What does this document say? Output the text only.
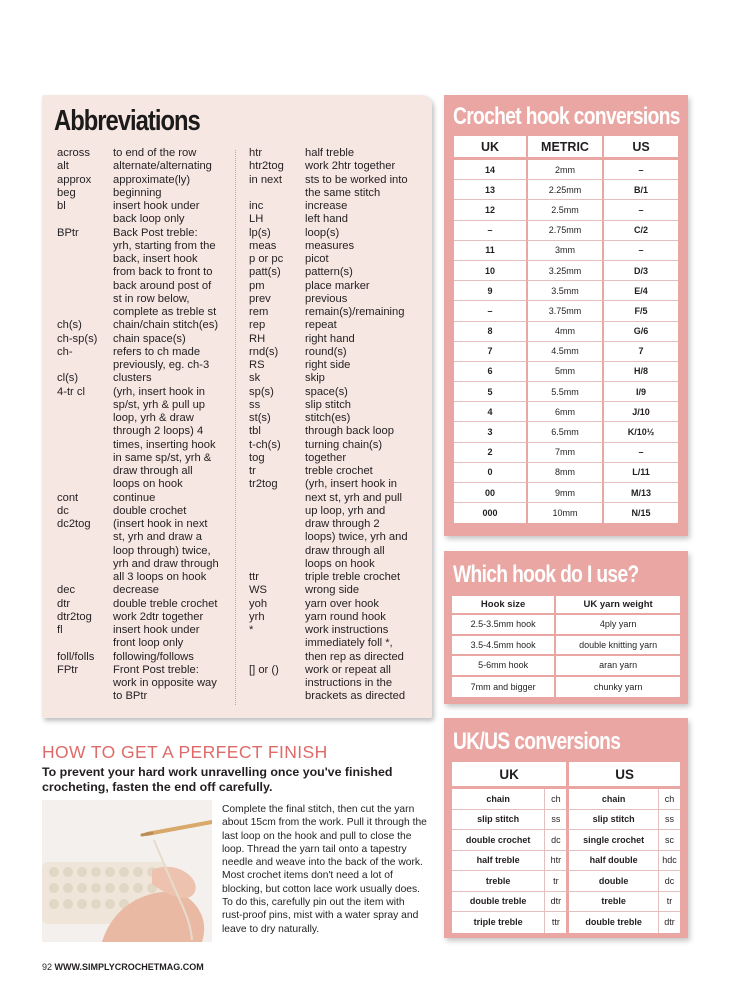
Abbreviations
across	to end of the row
alt	alternate/alternating
approx	approximate(ly)
beg	beginning
bl	insert hook under
back loop only
BPtr	Back Post treble:
yrh, starting from the
back, insert hook
from back to front to
back around post of
st in row below,
complete as treble st
ch(s)	chain/chain stitch(es)
ch-sp(s)	chain space(s)
ch-	refers to ch made
previously, eg. ch-3
cl(s)	clusters
4-tr cl	(yrh, insert hook in
sp/st, yrh & pull up
loop, yrh & draw
through 2 loops) 4
times, inserting hook
in same sp/st, yrh &
draw through all
loops on hook
cont	continue
dc	double crochet
dc2tog	(insert hook in next
st, yrh and draw a
loop through) twice,
yrh and draw through
all 3 loops on hook
dec	decrease
dtr	double treble crochet
dtr2tog	work 2dtr together
fl	insert hook under
front loop only
foll/folls	following/follows
FPtr	Front Post treble:
work in opposite way
to BPtr
htr	half treble
htr2tog	work 2htr together
in next	sts to be worked into
the same stitch
inc	increase
LH	left hand
lp(s)	loop(s)
meas	measures
p or pc	picot
patt(s)	pattern(s)
pm	place marker
prev	previous
rem	remain(s)/remaining
rep	repeat
RH	right hand
rnd(s)	round(s)
RS	right side
sk	skip
sp(s)	space(s)
ss	slip stitch
st(s)	stitch(es)
tbl	through back loop
t-ch(s)	turning chain(s)
tog	together
tr	treble crochet
tr2tog	(yrh, insert hook in
next st, yrh and pull
up loop, yrh and
draw through 2
loops) twice, yrh and
draw through all
loops on hook
ttr	triple treble crochet
WS	wrong side
yoh	yarn over hook
yrh	yarn round hook
*	work instructions
immediately foll *,
then rep as directed
[] or ()	work or repeat all
instructions in the
brackets as directed
Crochet hook conversions
UK	METRIC	US
14	2mm	–
13	2.25mm	B/1
12	2.5mm	–
–	2.75mm	C/2
11	3mm	–
10	3.25mm	D/3
9	3.5mm	E/4
–	3.75mm	F/5
8	4mm	G/6
7	4.5mm	7
6	5mm	H/8
5	5.5mm	I/9
4	6mm	J/10
3	6.5mm	K/10½
2	7mm	–
0	8mm	L/11
00	9mm	M/13
000	10mm	N/15
Which hook do I use?
Hook size	UK yarn weight
2.5-3.5mm hook	4ply yarn
3.5-4.5mm hook	double knitting yarn
5-6mm hook	aran yarn
7mm and bigger	chunky yarn
UK/US conversions
UK		US	
chain	ch	chain	ch
slip stitch	ss	slip stitch	ss
double crochet	dc	single crochet	sc
half treble	htr	half double	hdc
treble	tr	double	dc
double treble	dtr	treble	tr
triple treble	ttr	double treble	dtr
HOW TO GET A PERFECT FINISH
To prevent your hard work unravelling once you've finished crocheting, fasten the end off carefully.
Complete the final stitch, then cut the yarn about 15cm from the work. Pull it through the last loop on the hook and pull to close the loop. Thread the yarn tail onto a tapestry needle and weave into the back of the work. Most crochet items don't need a lot of blocking, but cotton lace work usually does. To do this, carefully pin out the item with rust-proof pins, mist with a water spray and leave to dry naturally.
92 WWW.SIMPLYCROCHETMAG.COM
